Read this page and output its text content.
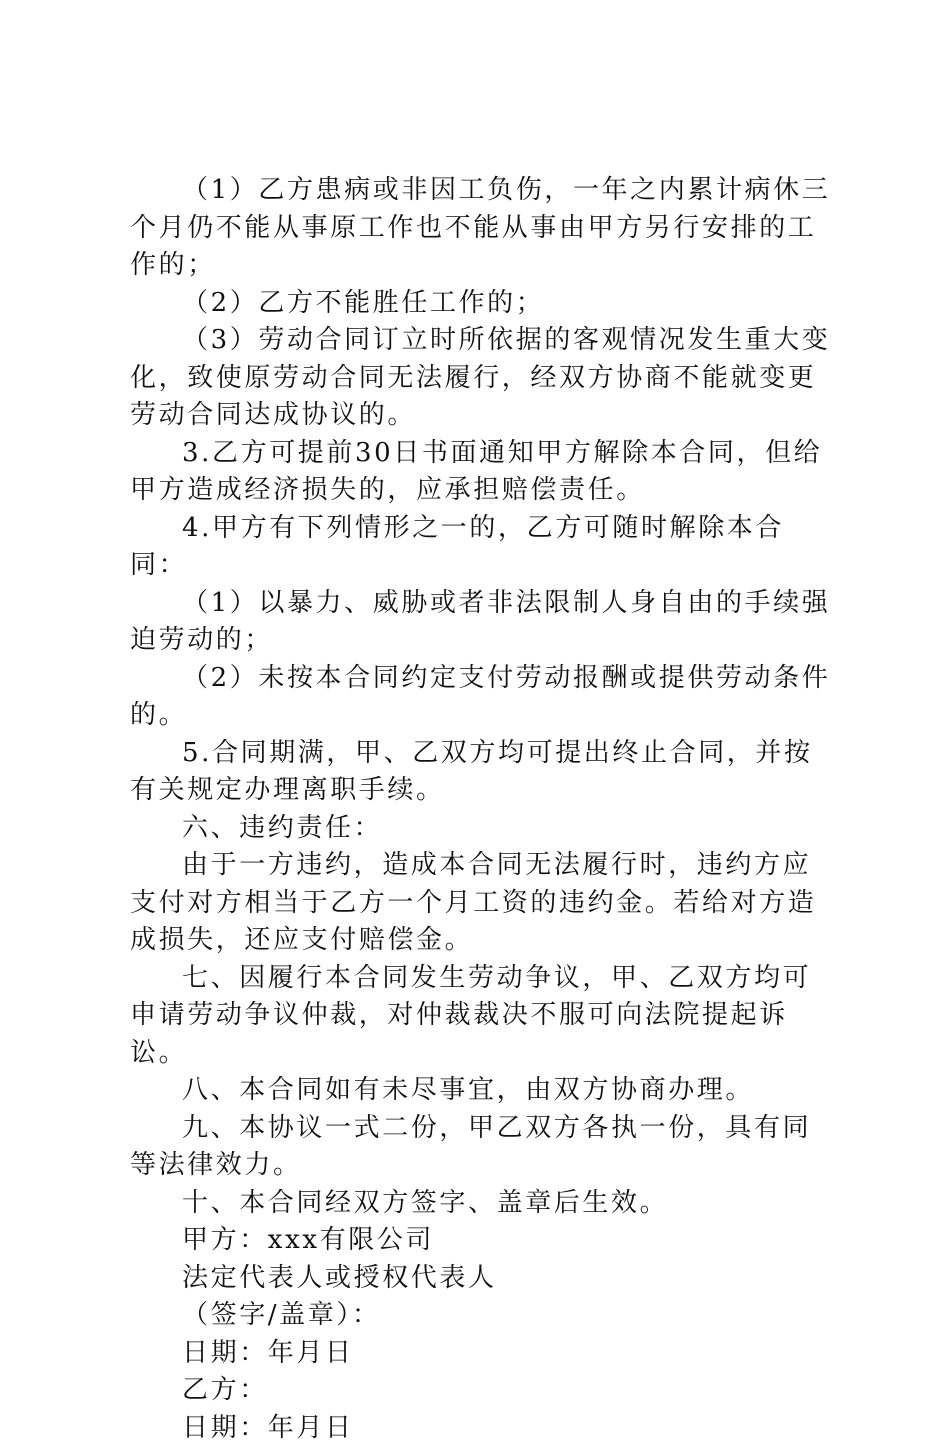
（1）乙方患病或非因工负伤，一年之内累计病休三个月仍不能从事原工作也不能从事由甲方另行安排的工作的；

（2）乙方不能胜任工作的；

（3）劳动合同订立时所依据的客观情况发生重大变化，致使原劳动合同无法履行，经双方协商不能就变更劳动合同达成协议的。

3.乙方可提前30日书面通知甲方解除本合同，但给甲方造成经济损失的，应承担赔偿责任。

4.甲方有下列情形之一的，乙方可随时解除本合同：

（1）以暴力、威胁或者非法限制人身自由的手续强迫劳动的；

（2）未按本合同约定支付劳动报酬或提供劳动条件的。

5.合同期满，甲、乙双方均可提出终止合同，并按有关规定办理离职手续。

六、违约责任：

由于一方违约，造成本合同无法履行时，违约方应支付对方相当于乙方一个月工资的违约金。若给对方造成损失，还应支付赔偿金。

七、因履行本合同发生劳动争议，甲、乙双方均可申请劳动争议仲裁，对仲裁裁决不服可向法院提起诉讼。

八、本合同如有未尽事宜，由双方协商办理。

九、本协议一式二份，甲乙双方各执一份，具有同等法律效力。

十、本合同经双方签字、盖章后生效。

甲方：xxx有限公司

法定代表人或授权代表人

（签字/盖章）：

日期：年月日

乙方：

日期：年月日
